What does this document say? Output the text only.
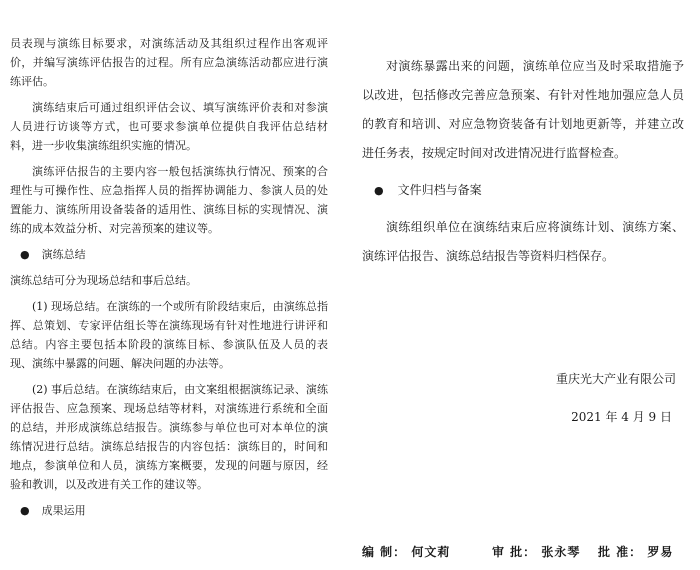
员表现与演练目标要求，对演练活动及其组织过程作出客观评价，并编写演练评估报告的过程。所有应急演练活动都应进行演练评估。

演练结束后可通过组织评估会议、填写演练评价表和对参演人员进行访谈等方式，也可要求参演单位提供自我评估总结材料，进一步收集演练组织实施的情况。

演练评估报告的主要内容一般包括演练执行情况、预案的合理性与可操作性、应急指挥人员的指挥协调能力、参演人员的处置能力、演练所用设备装备的适用性、演练目标的实现情况、演练的成本效益分析、对完善预案的建议等。

● 演练总结

演练总结可分为现场总结和事后总结。

(1) 现场总结。在演练的一个或所有阶段结束后，由演练总指挥、总策划、专家评估组长等在演练现场有针对性地进行讲评和总结。内容主要包括本阶段的演练目标、参演队伍及人员的表现、演练中暴露的问题、解决问题的办法等。

(2) 事后总结。在演练结束后，由文案组根据演练记录、演练评估报告、应急预案、现场总结等材料，对演练进行系统和全面的总结，并形成演练总结报告。演练参与单位也可对本单位的演练情况进行总结。演练总结报告的内容包括：演练目的，时间和地点，参演单位和人员，演练方案概要，发现的问题与原因，经验和教训，以及改进有关工作的建议等。

● 成果运用

对演练暴露出来的问题，演练单位应当及时采取措施予以改进，包括修改完善应急预案、有针对性地加强应急人员的教育和培训、对应急物资装备有计划地更新等，并建立改进任务表，按规定时间对改进情况进行监督检查。

● 文件归档与备案

演练组织单位在演练结束后应将演练计划、演练方案、演练评估报告、演练总结报告等资料归档保存。

重庆光大产业有限公司
2021 年 4 月 9 日
编 制： 何文莉	审 批： 张永琴 批 准： 罗易
